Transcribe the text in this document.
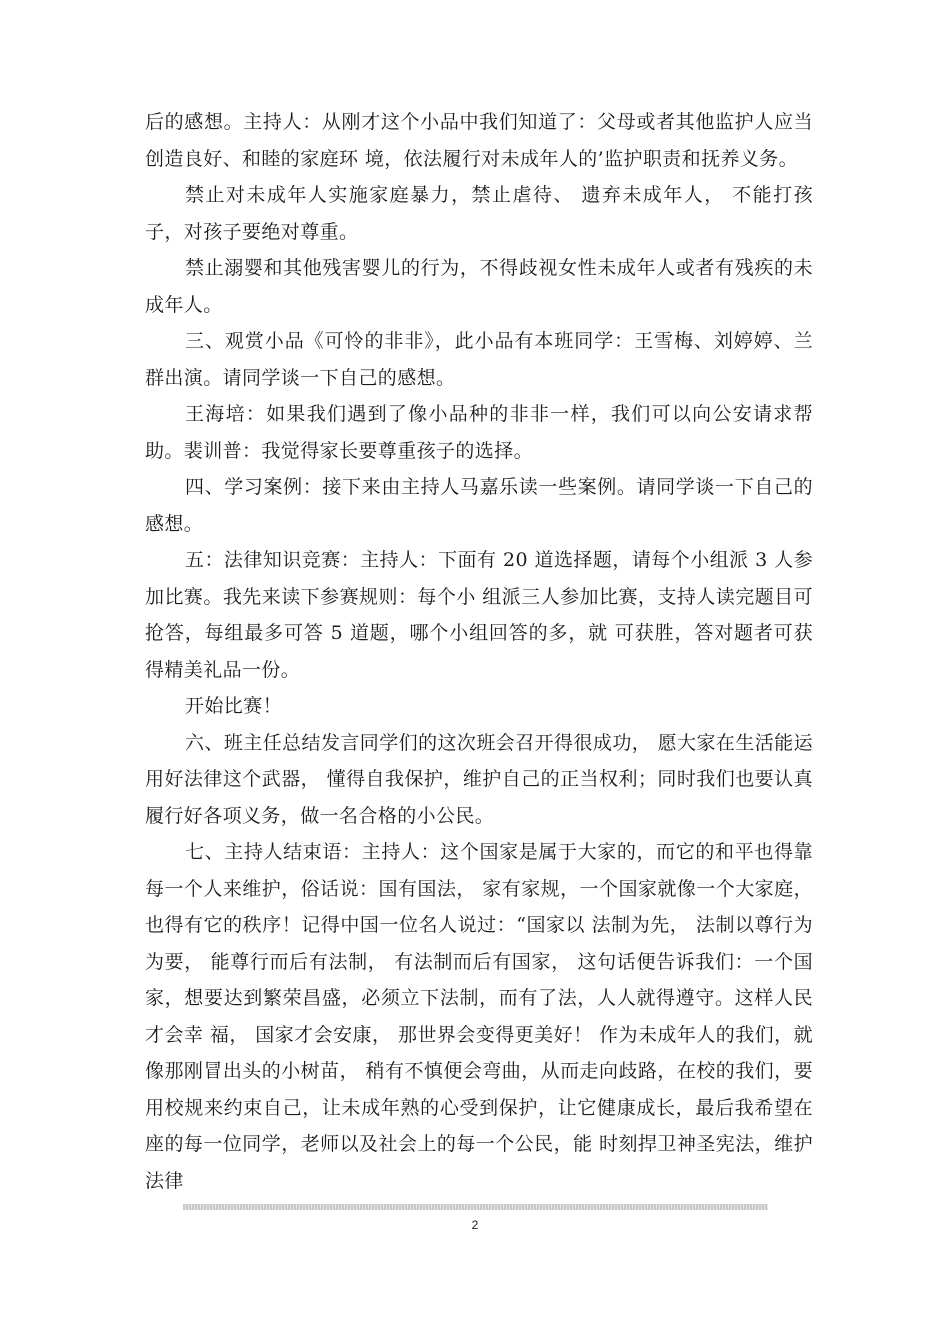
后的感想。主持人：从刚才这个小品中我们知道了：父母或者其他监护人应当创造良好、和睦的家庭环 境，依法履行对未成年人的’监护职责和抚养义务。

禁止对未成年人实施家庭暴力，禁止虐待、 遗弃未成年人， 不能打孩子，对孩子要绝对尊重。

禁止溺婴和其他残害婴儿的行为，不得歧视女性未成年人或者有残疾的未成年人。

三、观赏小品《可怜的非非》，此小品有本班同学：王雪梅、刘婷婷、兰群出演。请同学谈一下自己的感想。

王海培：如果我们遇到了像小品种的非非一样，我们可以向公安请求帮助。裴训普：我觉得家长要尊重孩子的选择。

四、学习案例：接下来由主持人马嘉乐读一些案例。请同学谈一下自己的感想。

五：法律知识竞赛：主持人：下面有 20 道选择题，请每个小组派 3 人参加比赛。我先来读下参赛规则：每个小 组派三人参加比赛，支持人读完题目可抢答，每组最多可答 5 道题，哪个小组回答的多，就 可获胜，答对题者可获得精美礼品一份。

开始比赛！

六、班主任总结发言同学们的这次班会召开得很成功， 愿大家在生活能运用好法律这个武器， 懂得自我保护，维护自己的正当权利；同时我们也要认真履行好各项义务，做一名合格的小公民。

七、主持人结束语：主持人：这个国家是属于大家的，而它的和平也得靠每一个人来维护，俗话说：国有国法， 家有家规，一个国家就像一个大家庭，也得有它的秩序！记得中国一位名人说过：“国家以 法制为先， 法制以尊行为为要， 能尊行而后有法制， 有法制而后有国家， 这句话便告诉我们：一个国家，想要达到繁荣昌盛，必须立下法制，而有了法，人人就得遵守。这样人民才会幸 福， 国家才会安康， 那世界会变得更美好！ 作为未成年人的我们，就像那刚冒出头的小树苗， 稍有不慎便会弯曲，从而走向歧路，在校的我们，要用校规来约束自己，让未成年熟的心受到保护，让它健康成长，最后我希望在座的每一位同学，老师以及社会上的每一个公民，能 时刻捍卫神圣宪法，维护法律

2
